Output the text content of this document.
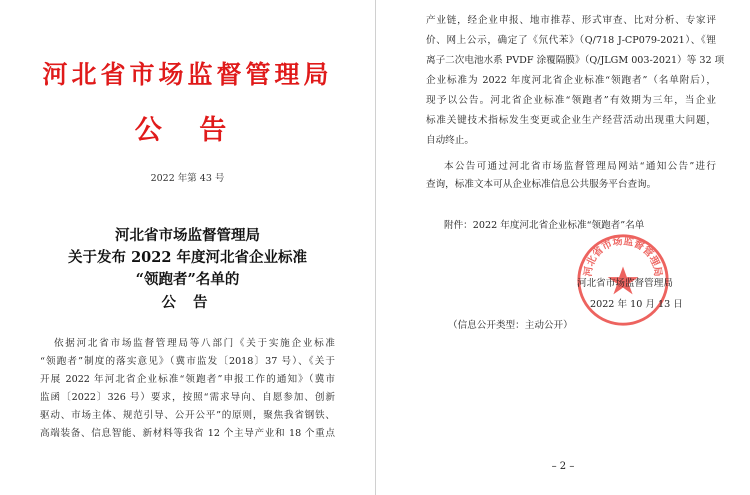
河北省市场监督管理局
公 告
2022 年第 43 号
河北省市场监督管理局
关于发布 2022 年度河北省企业标准
“领跑者”名单的
公 告
依据河北省市场监督管理局等八部门《关于实施企业标准
“领跑者”制度的落实意见》（冀市监发〔2018〕37 号）、《关于
开展 2022 年河北省企业标准“领跑者”申报工作的通知》（冀市
监函〔2022〕326 号）要求，按照“需求导向、自愿参加、创新
驱动、市场主体、规范引导、公开公平”的原则，聚焦我省钢铁、
高端装备、信息智能、新材料等我省 12 个主导产业和 18 个重点
产业链，经企业申报、地市推荐、形式审查、比对分析、专家评
价、网上公示，确定了《氘代苯》（Q/718 J-CP079-2021）、《锂
离子二次电池水系 PVDF 涂覆隔膜》（Q/JLGM 003-2021）等 32 项
企业标准为 2022 年度河北省企业标准“领跑者”（名单附后），
现予以公告。河北省企业标准“领跑者”有效期为三年，当企业
标准关键技术指标发生变更或企业生产经营活动出现重大问题，
自动终止。
本公告可通过河北省市场监督管理局网站“通知公告”进行
查询，标准文本可从企业标准信息公共服务平台查询。
附件：2022 年度河北省企业标准“领跑者”名单
河北省市场监督管理局
河北省市场监督管理局
2022 年 10 月 13 日
（信息公开类型：主动公开）
– 2 –
